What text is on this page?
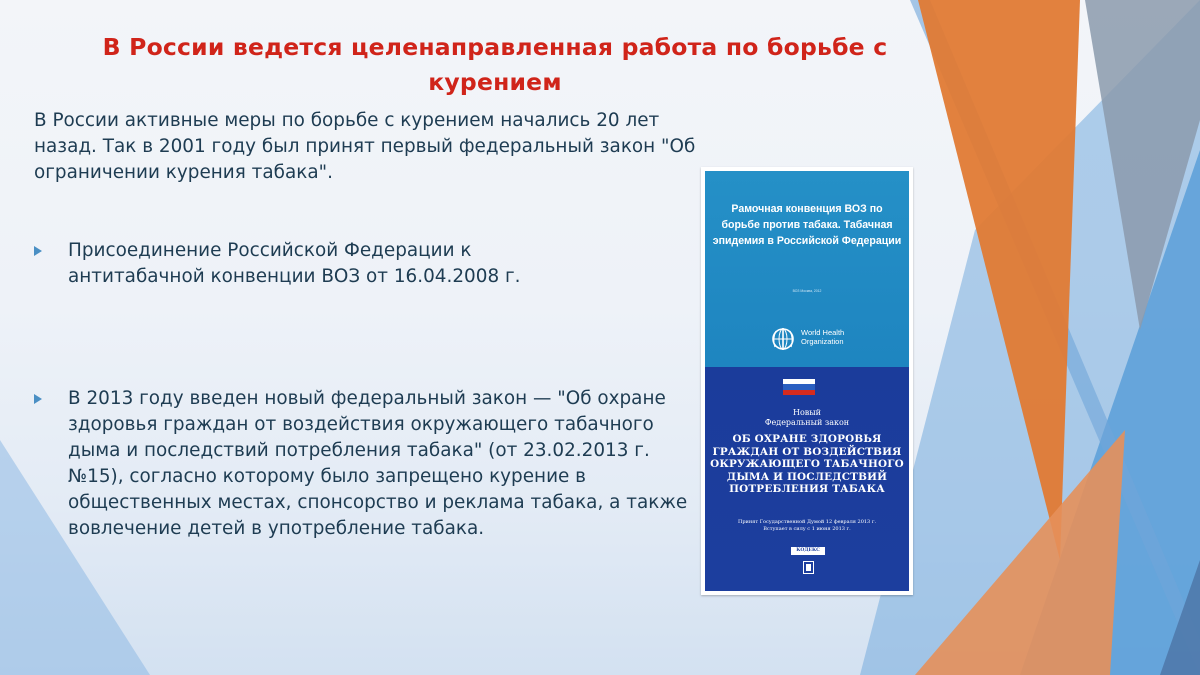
В России ведется целенаправленная работа по борьбе с курением
В России активные меры по борьбе с курением начались 20 лет назад. Так в 2001 году был принят первый федеральный закон "Об ограничении курения табака".
Присоединение Российской Федерации к антитабачной конвенции ВОЗ от 16.04.2008 г.
В 2013 году введен новый федеральный закон — "Об охране здоровья граждан от воздействия окружающего табачного дыма и последствий потребления табака" (от 23.02.2013 г. №15), согласно которому было запрещено курение в общественных местах, спонсорство и реклама табака, а также вовлечение детей в употребление табака.
Рамочная конвенция ВОЗ по борьбе против табака. Табачная эпидемия в Российской Федерации
ВОЗ Москва, 2012
World Health
Organization
Новый
Федеральный закон
ОБ ОХРАНЕ ЗДОРОВЬЯ ГРАЖДАН ОТ ВОЗДЕЙСТВИЯ ОКРУЖАЮЩЕГО ТАБАЧНОГО ДЫМА И ПОСЛЕДСТВИЙ ПОТРЕБЛЕНИЯ ТАБАКА
Принят Государственной Думой 12 февраля 2013 г.
Вступает в силу с 1 июня 2013 г.
КОДЕКС
